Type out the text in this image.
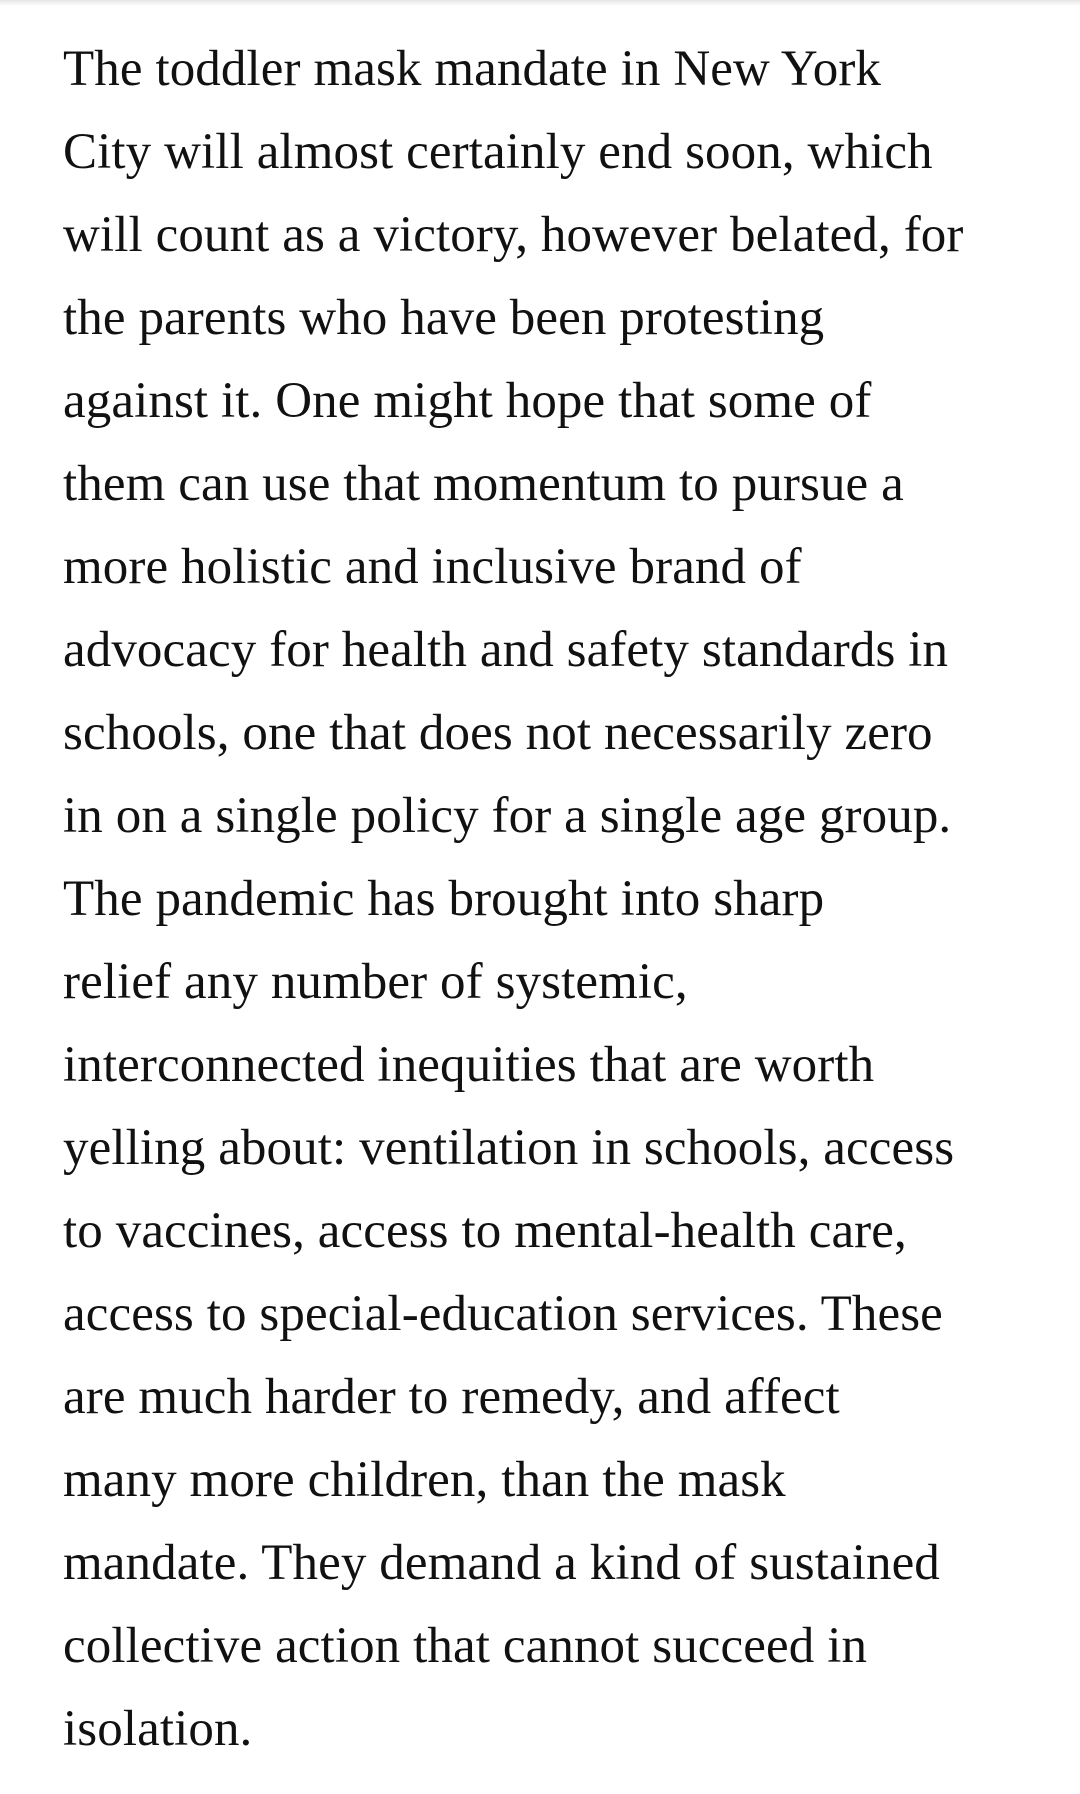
The toddler mask mandate in New York
City will almost certainly end soon, which
will count as a victory, however belated, for
the parents who have been protesting
against it. One might hope that some of
them can use that momentum to pursue a
more holistic and inclusive brand of
advocacy for health and safety standards in
schools, one that does not necessarily zero
in on a single policy for a single age group.
The pandemic has brought into sharp
relief any number of systemic,
interconnected inequities that are worth
yelling about: ventilation in schools, access
to vaccines, access to mental-health care,
access to special-education services. These
are much harder to remedy, and affect
many more children, than the mask
mandate. They demand a kind of sustained
collective action that cannot succeed in
isolation.
